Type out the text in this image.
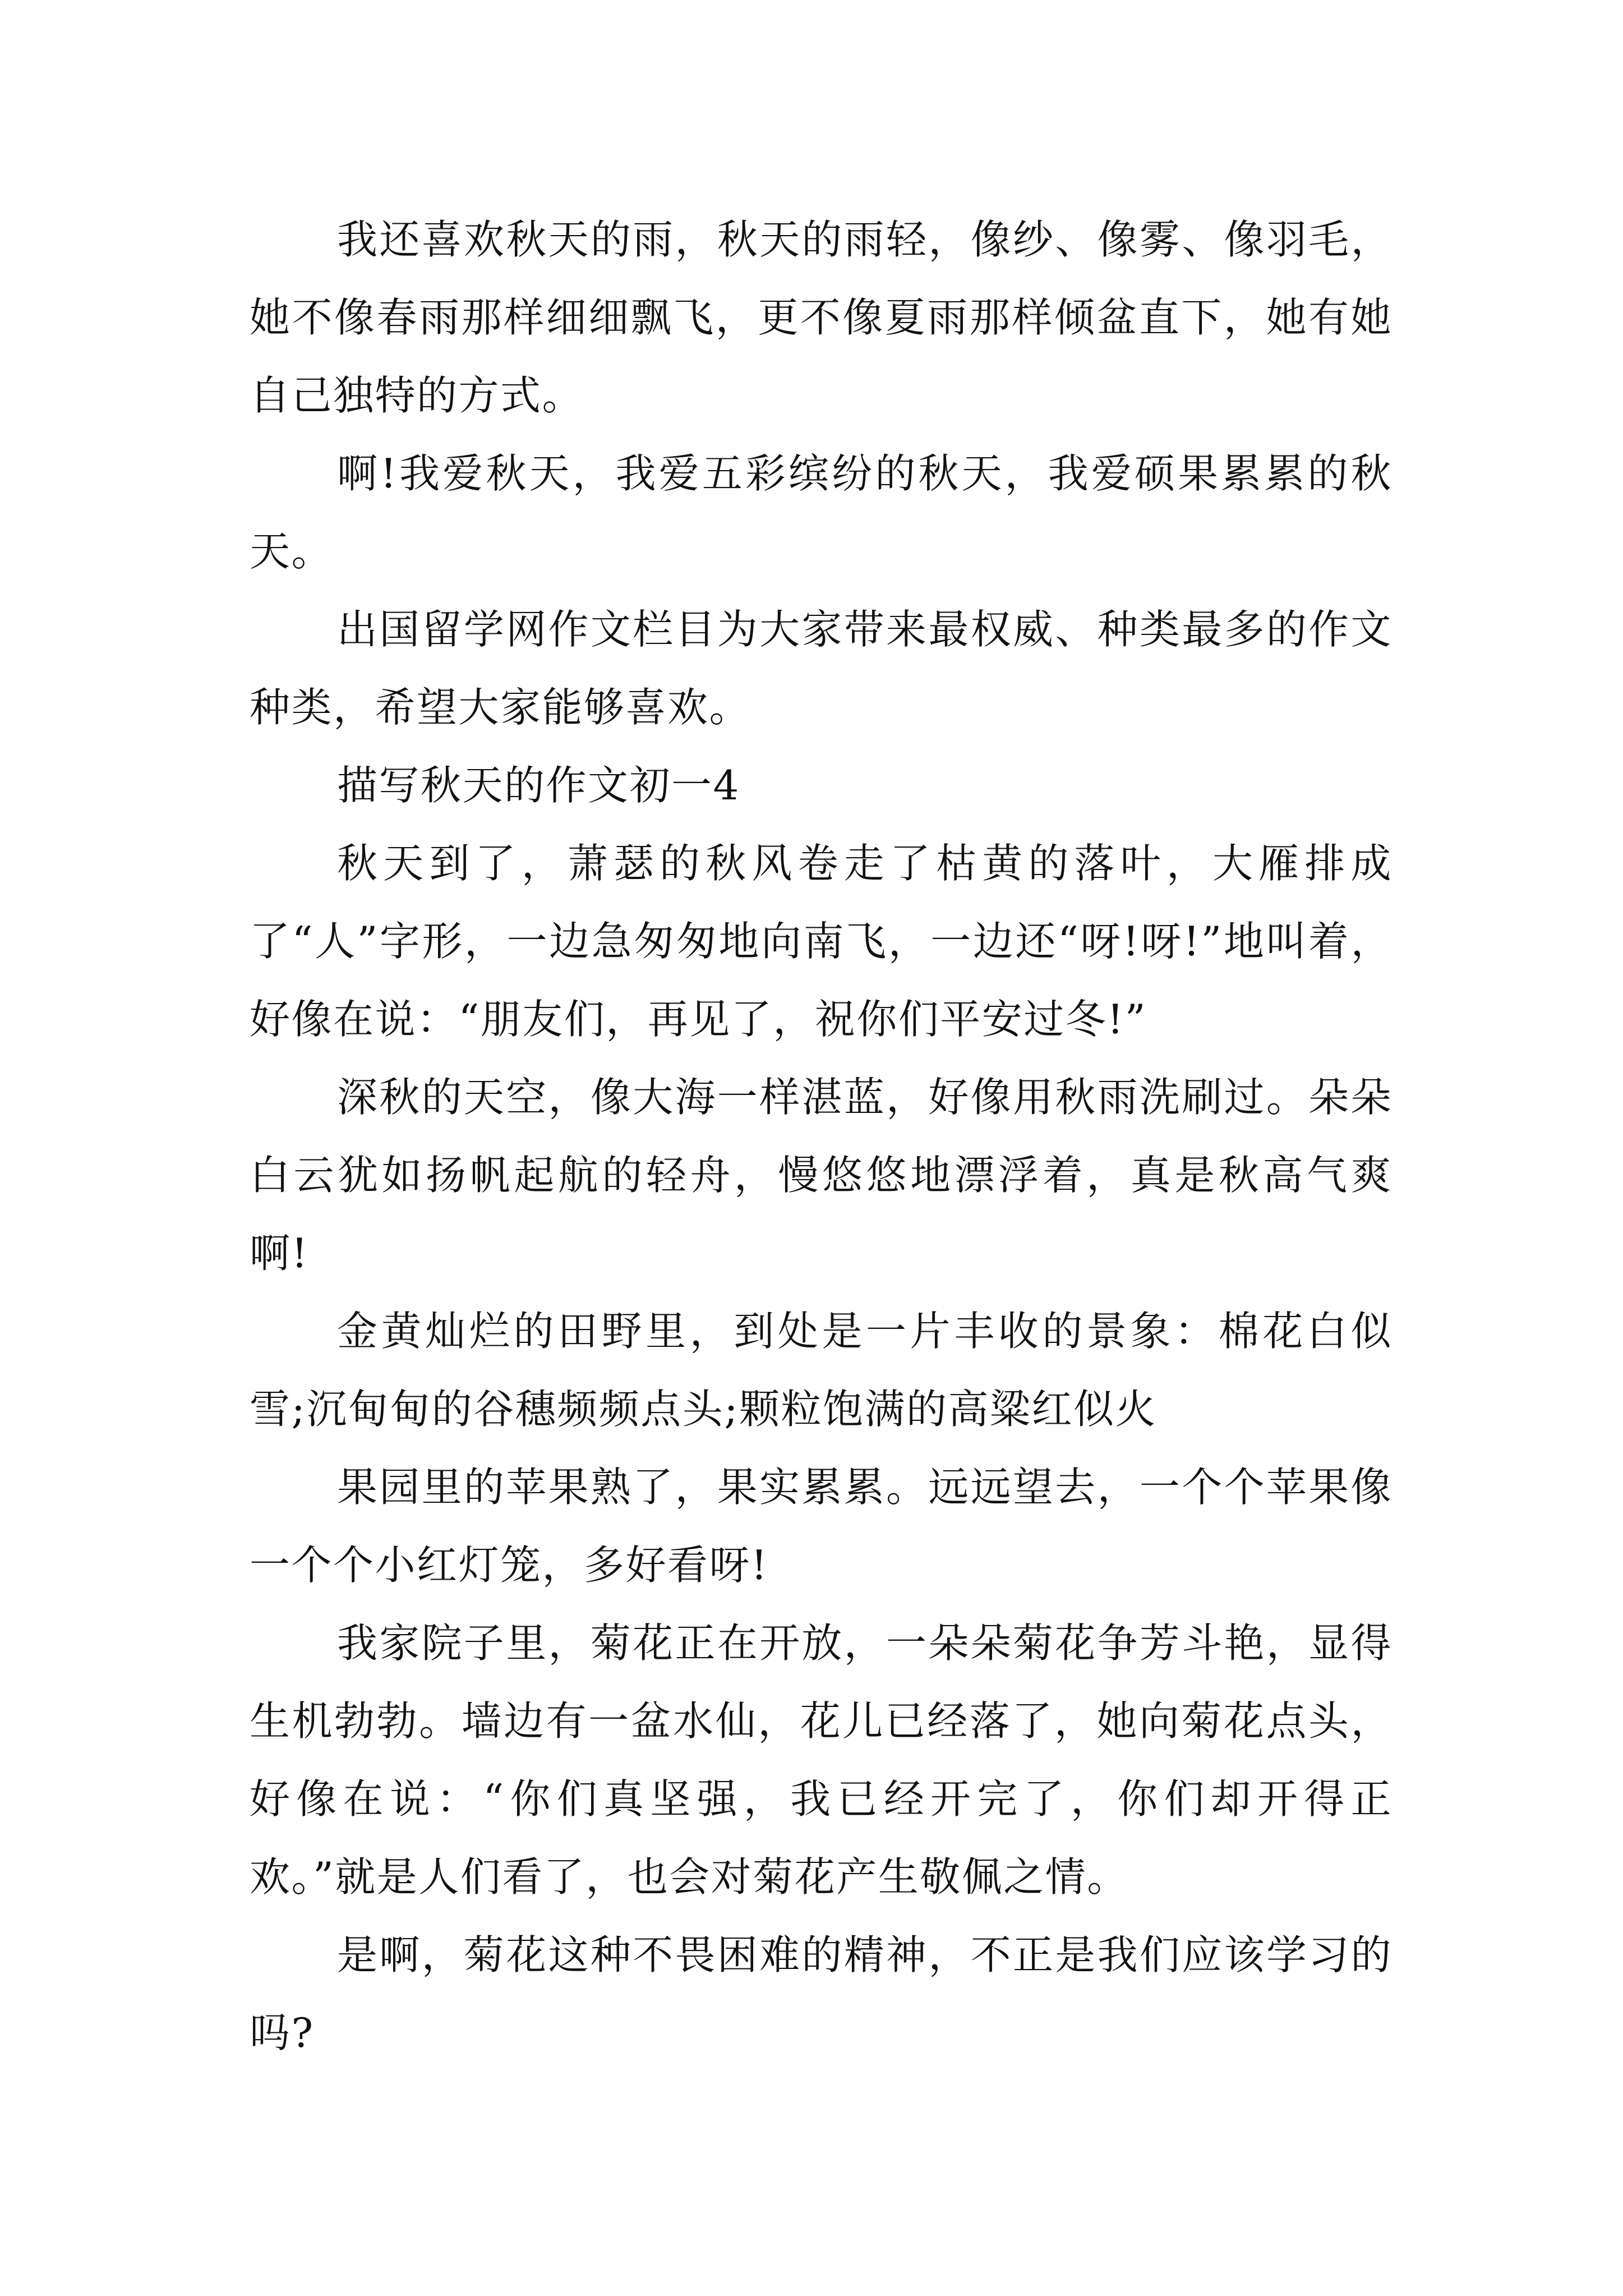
我还喜欢秋天的雨，秋天的雨轻，像纱、像雾、像羽毛，她不像春雨那样细细飘飞，更不像夏雨那样倾盆直下，她有她自己独特的方式。

啊!我爱秋天，我爱五彩缤纷的秋天，我爱硕果累累的秋天。

出国留学网作文栏目为大家带来最权威、种类最多的作文种类，希望大家能够喜欢。

描写秋天的作文初一4

秋天到了，萧瑟的秋风卷走了枯黄的落叶，大雁排成了“人”字形，一边急匆匆地向南飞，一边还“呀!呀!”地叫着，好像在说：“朋友们，再见了，祝你们平安过冬!”

深秋的天空，像大海一样湛蓝，好像用秋雨洗刷过。朵朵白云犹如扬帆起航的轻舟，慢悠悠地漂浮着，真是秋高气爽啊!

金黄灿烂的田野里，到处是一片丰收的景象：棉花白似雪;沉甸甸的谷穗频频点头;颗粒饱满的高粱红似火

果园里的苹果熟了，果实累累。远远望去，一个个苹果像一个个小红灯笼，多好看呀!

我家院子里，菊花正在开放，一朵朵菊花争芳斗艳，显得生机勃勃。墙边有一盆水仙，花儿已经落了，她向菊花点头，好像在说：“你们真坚强，我已经开完了，你们却开得正欢。”就是人们看了，也会对菊花产生敬佩之情。

是啊，菊花这种不畏困难的精神，不正是我们应该学习的吗?
